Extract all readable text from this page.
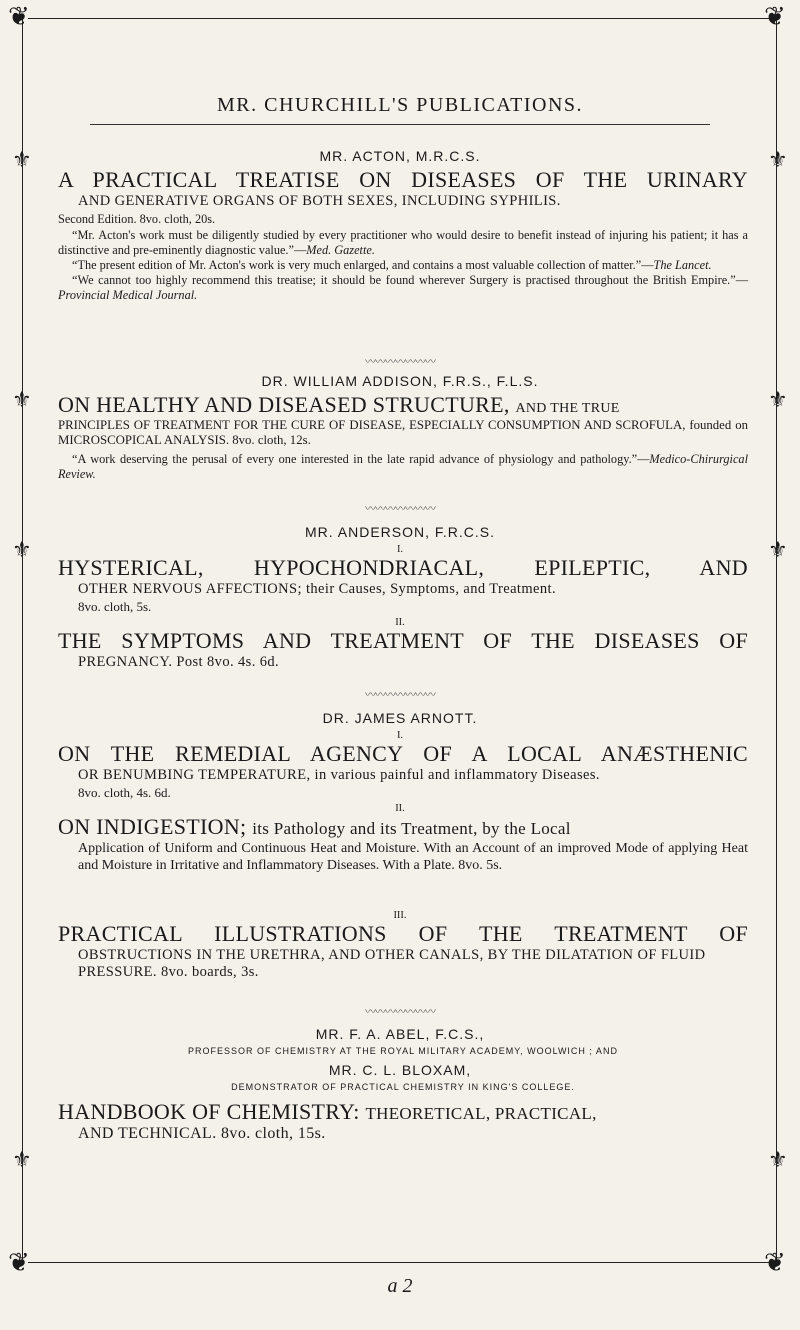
❦	❦
❦	❦
⚜	⚜
⚜	⚜
⚜	⚜
⚜	⚜
MR. CHURCHILL'S PUBLICATIONS.
MR. ACTON, M.R.C.S.
A PRACTICAL TREATISE ON DISEASES OF THE URINARY
AND GENERATIVE ORGANS OF BOTH SEXES, INCLUDING SYPHILIS.
Second Edition. 8vo. cloth, 20s.
“Mr. Acton's work must be diligently studied by every practitioner who would desire to benefit instead of injuring his patient; it has a distinctive and pre-eminently diagnostic value.”—Med. Gazette.
“The present edition of Mr. Acton's work is very much enlarged, and contains a most valuable collection of matter.”—The Lancet.
“We cannot too highly recommend this treatise; it should be found wherever Surgery is practised throughout the British Empire.”—Provincial Medical Journal.
〰〰〰〰〰〰〰
DR. WILLIAM ADDISON, F.R.S., F.L.S.
ON HEALTHY AND DISEASED STRUCTURE, AND THE TRUE
PRINCIPLES OF TREATMENT FOR THE CURE OF DISEASE, ESPECIALLY CONSUMPTION AND SCROFULA, founded on MICROSCOPICAL ANALYSIS. 8vo. cloth, 12s.
“A work deserving the perusal of every one interested in the late rapid advance of physiology and pathology.”—Medico-Chirurgical Review.
〰〰〰〰〰〰〰
MR. ANDERSON, F.R.C.S.
I.
HYSTERICAL, HYPOCHONDRIACAL, EPILEPTIC, AND
OTHER NERVOUS AFFECTIONS; their Causes, Symptoms, and Treatment.
8vo. cloth, 5s.
II.
THE SYMPTOMS AND TREATMENT OF THE DISEASES OF
PREGNANCY. Post 8vo. 4s. 6d.
〰〰〰〰〰〰〰
DR. JAMES ARNOTT.
I.
ON THE REMEDIAL AGENCY OF A LOCAL ANÆSTHENIC
OR BENUMBING TEMPERATURE, in various painful and inflammatory Diseases.
8vo. cloth, 4s. 6d.
II.
ON INDIGESTION; its Pathology and its Treatment, by the Local
Application of Uniform and Continuous Heat and Moisture. With an Account of an improved Mode of applying Heat and Moisture in Irritative and Inflammatory Diseases. With a Plate. 8vo. 5s.
III.
PRACTICAL ILLUSTRATIONS OF THE TREATMENT OF
OBSTRUCTIONS IN THE URETHRA, AND OTHER CANALS, BY THE DILATATION OF FLUID PRESSURE. 8vo. boards, 3s.
〰〰〰〰〰〰〰
MR. F. A. ABEL, F.C.S.,
PROFESSOR OF CHEMISTRY AT THE ROYAL MILITARY ACADEMY, WOOLWICH ; AND
MR. C. L. BLOXAM,
DEMONSTRATOR OF PRACTICAL CHEMISTRY IN KING'S COLLEGE.
HANDBOOK OF CHEMISTRY: THEORETICAL, PRACTICAL,
AND TECHNICAL. 8vo. cloth, 15s.
a 2
